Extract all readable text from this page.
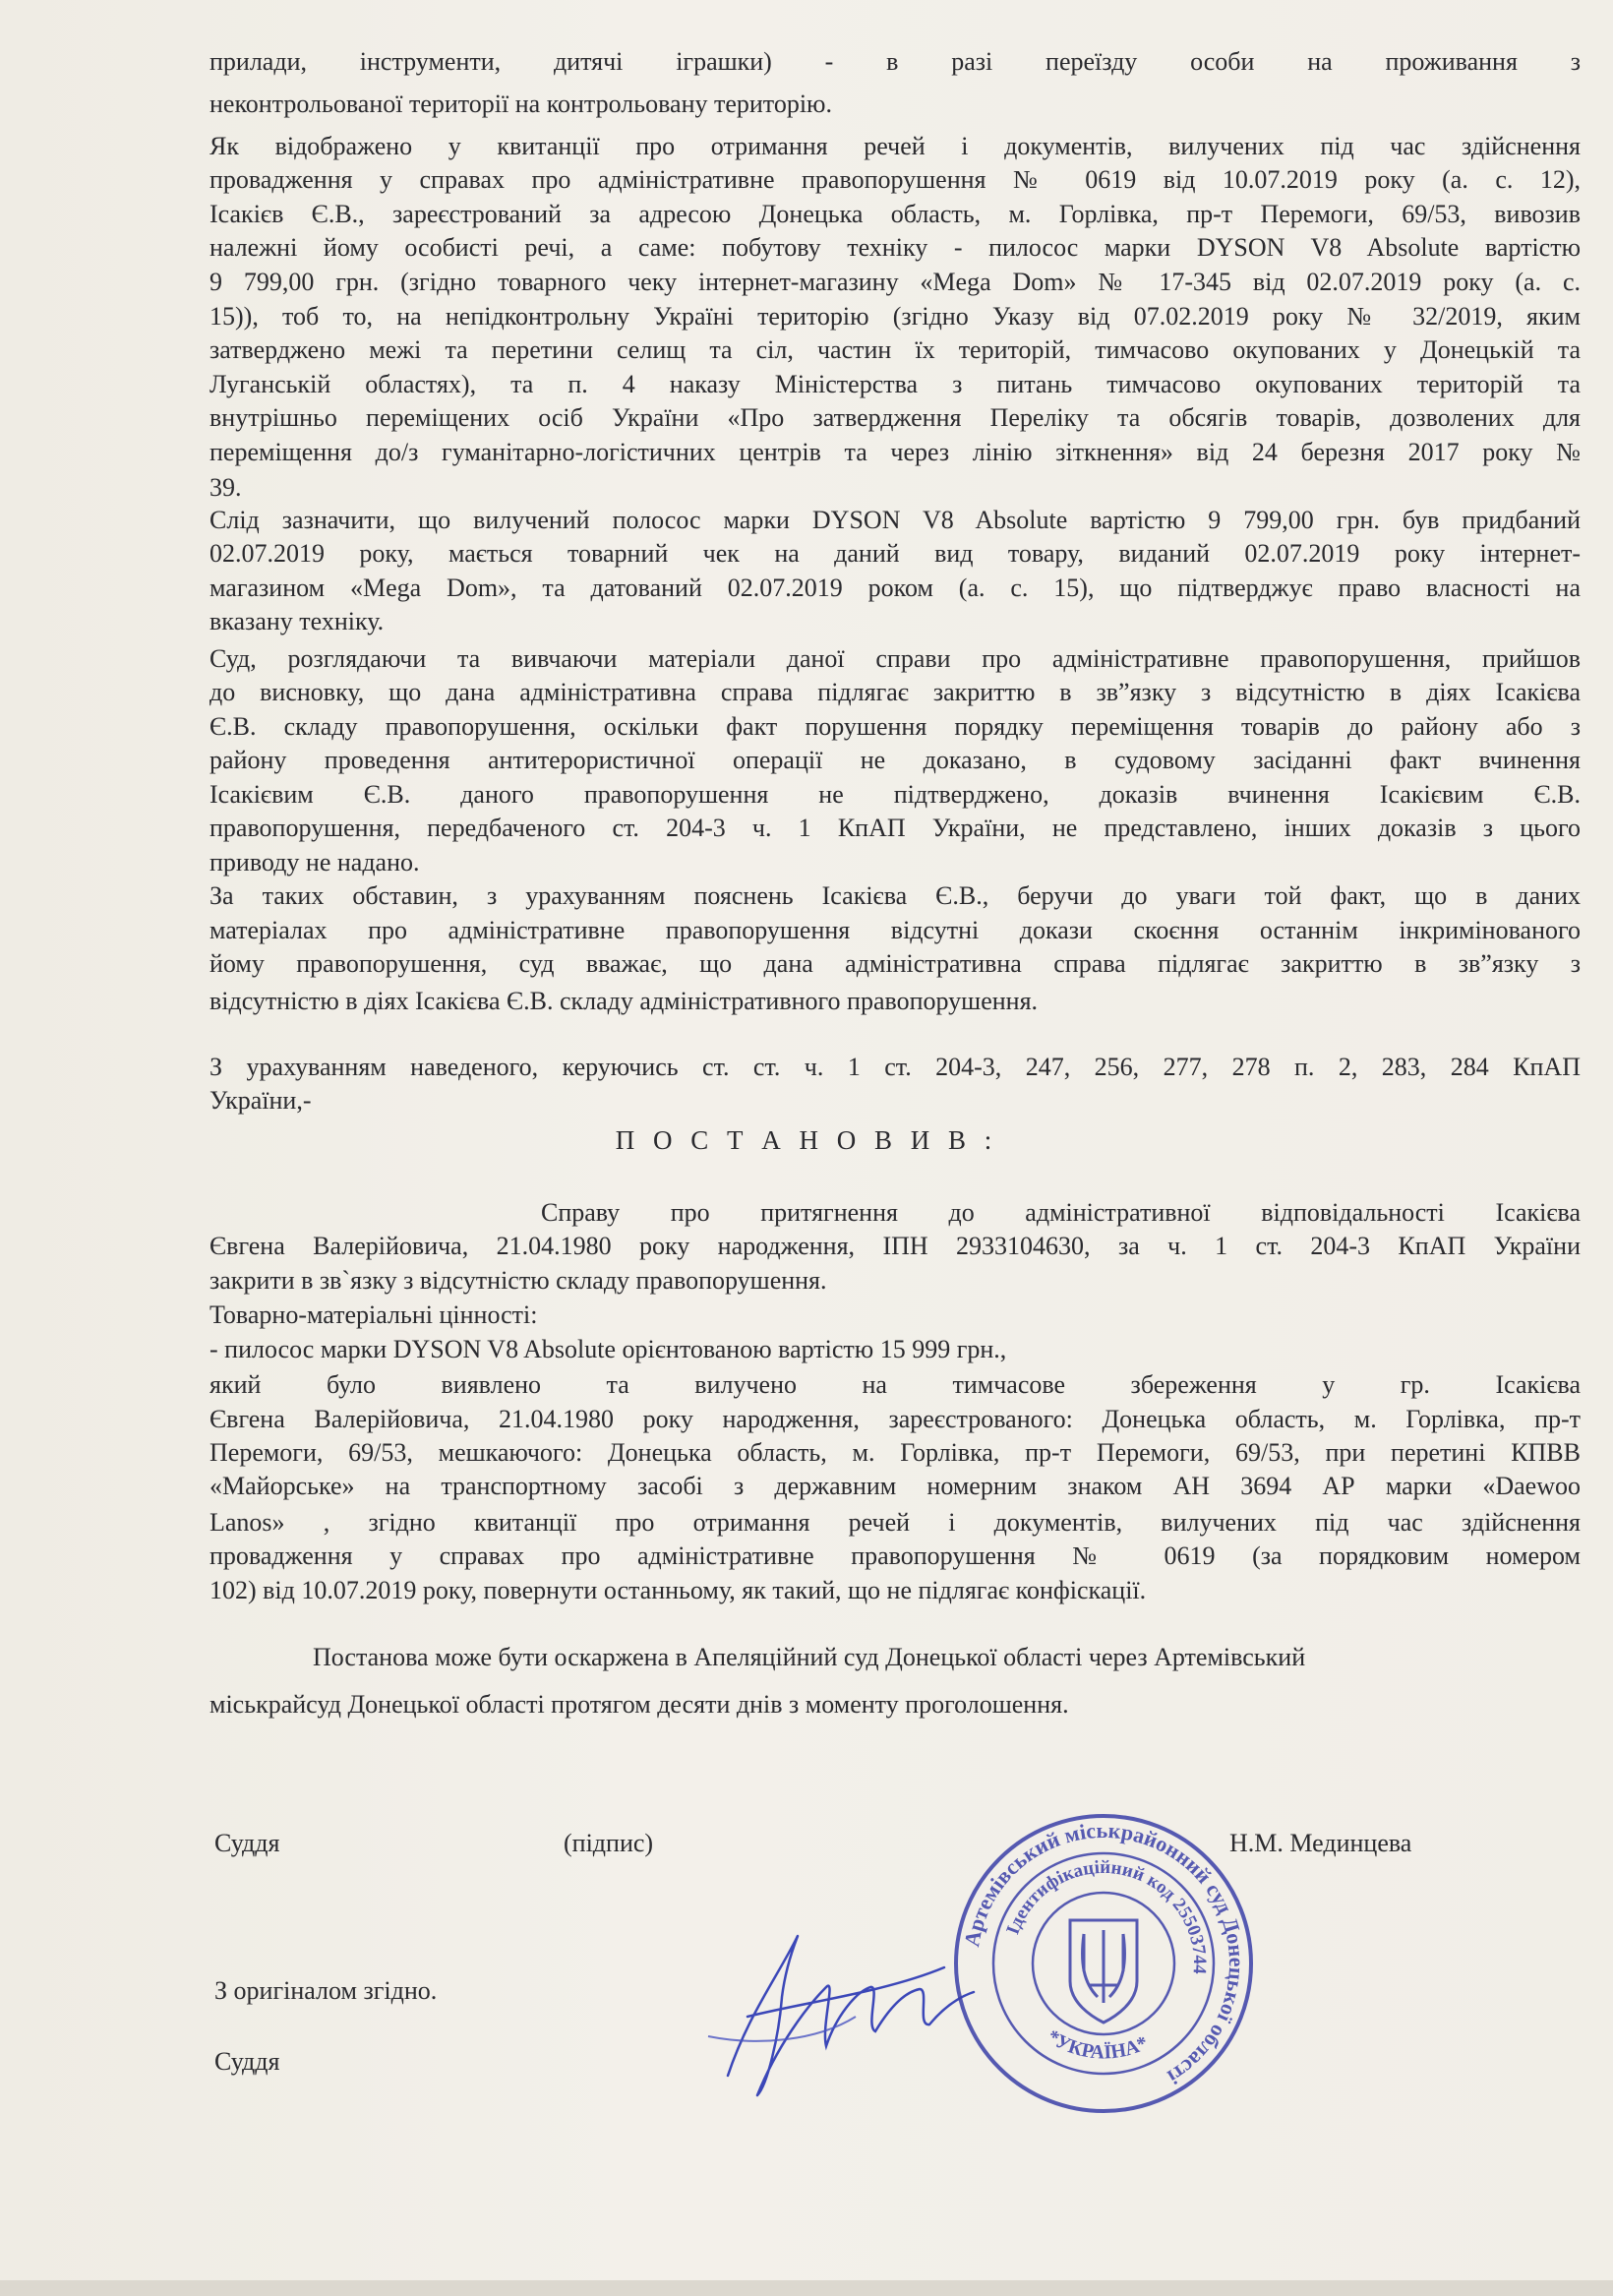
прилади, інструменти, дитячі іграшки) - в разі переїзду особи на проживання з
неконтрольованої території на контрольовану територію.
Як відображено у квитанції про отримання речей і документів, вилучених під час здійснення
провадження у справах про адміністративне правопорушення № 0619 від 10.07.2019 року (а. с. 12),
Ісакієв Є.В., зареєстрований за адресою Донецька область, м. Горлівка, пр-т Перемоги, 69/53, вивозив
належні йому особисті речі, а саме: побутову техніку - пилосос марки DYSON V8 Absolute вартістю
9 799,00 грн. (згідно товарного чеку інтернет-магазину «Mega Dom» № 17-345 від 02.07.2019 року (а. с.
15)), тоб то, на непідконтрольну Україні територію (згідно Указу від 07.02.2019 року № 32/2019, яким
затверджено межі та перетини селищ та сіл, частин їх територій, тимчасово окупованих у Донецькій та
Луганській областях), та п. 4 наказу Міністерства з питань тимчасово окупованих територій та
внутрішньо переміщених осіб України «Про затвердження Переліку та обсягів товарів, дозволених для
переміщення до/з гуманітарно-логістичних центрів та через лінію зіткнення» від 24 березня 2017 року №
39.
Слід зазначити, що вилучений полосос марки DYSON V8 Absolute вартістю 9 799,00 грн. був придбаний
02.07.2019 року, мається товарний чек на даний вид товару, виданий 02.07.2019 року інтернет-
магазином «Mega Dom», та датований 02.07.2019 роком (а. с. 15), що підтверджує право власності на
вказану техніку.
Суд, розглядаючи та вивчаючи матеріали даної справи про адміністративне правопорушення, прийшов
до висновку, що дана адміністративна справа підлягає закриттю в зв”язку з відсутністю в діях Ісакієва
Є.В. складу правопорушення, оскільки факт порушення порядку переміщення товарів до району або з
району проведення антитерористичної операції не доказано, в судовому засіданні факт вчинення
Ісакієвим Є.В. даного правопорушення не підтверджено, доказів вчинення Ісакієвим Є.В.
правопорушення, передбаченого ст. 204-3 ч. 1 КпАП України, не представлено, інших доказів з цього
приводу не надано.
За таких обставин, з урахуванням пояснень Ісакієва Є.В., беручи до уваги той факт, що в даних
матеріалах про адміністративне правопорушення відсутні докази скоєння останнім інкримінованого
йому правопорушення, суд вважає, що дана адміністративна справа підлягає закриттю в зв”язку з
відсутністю в діях Ісакієва Є.В. складу адміністративного правопорушення.
З урахуванням наведеного, керуючись ст. ст. ч. 1 ст. 204-3, 247, 256, 277, 278 п. 2, 283, 284 КпАП
України,-
П О С Т А Н О В И В :
Справу про притягнення до адміністративної відповідальності Ісакієва
Євгена Валерійовича, 21.04.1980 року народження, ІПН 2933104630, за ч. 1 ст. 204-3 КпАП України
закрити в зв`язку з відсутністю складу правопорушення.
Товарно-матеріальні цінності:
- пилосос марки DYSON V8 Absolute орієнтованою вартістю 15 999 грн.,
який було виявлено та вилучено на тимчасове збереження у гр. Ісакієва
Євгена Валерійовича, 21.04.1980 року народження, зареєстрованого: Донецька область, м. Горлівка, пр-т
Перемоги, 69/53, мешкаючого: Донецька область, м. Горлівка, пр-т Перемоги, 69/53, при перетині КПВВ
«Майорське» на транспортному засобі з державним номерним знаком АН 3694 АР марки «Daewoo
Lanos» , згідно квитанції про отримання речей і документів, вилучених під час здійснення
провадження у справах про адміністративне правопорушення № 0619 (за порядковим номером
102) від 10.07.2019 року, повернути останньому, як такий, що не підлягає конфіскації.
Постанова може бути оскаржена в Апеляційний суд Донецької області через Артемівський
міськрайсуд Донецької області протягом десяти днів з моменту проголошення.
Суддя	(підпис)	Н.М. Мединцева
З оригіналом згідно.
Суддя
Артемівський міськрайонний суд Донецької області
Ідентифікаційний код 25503744
*УКРАЇНА*
